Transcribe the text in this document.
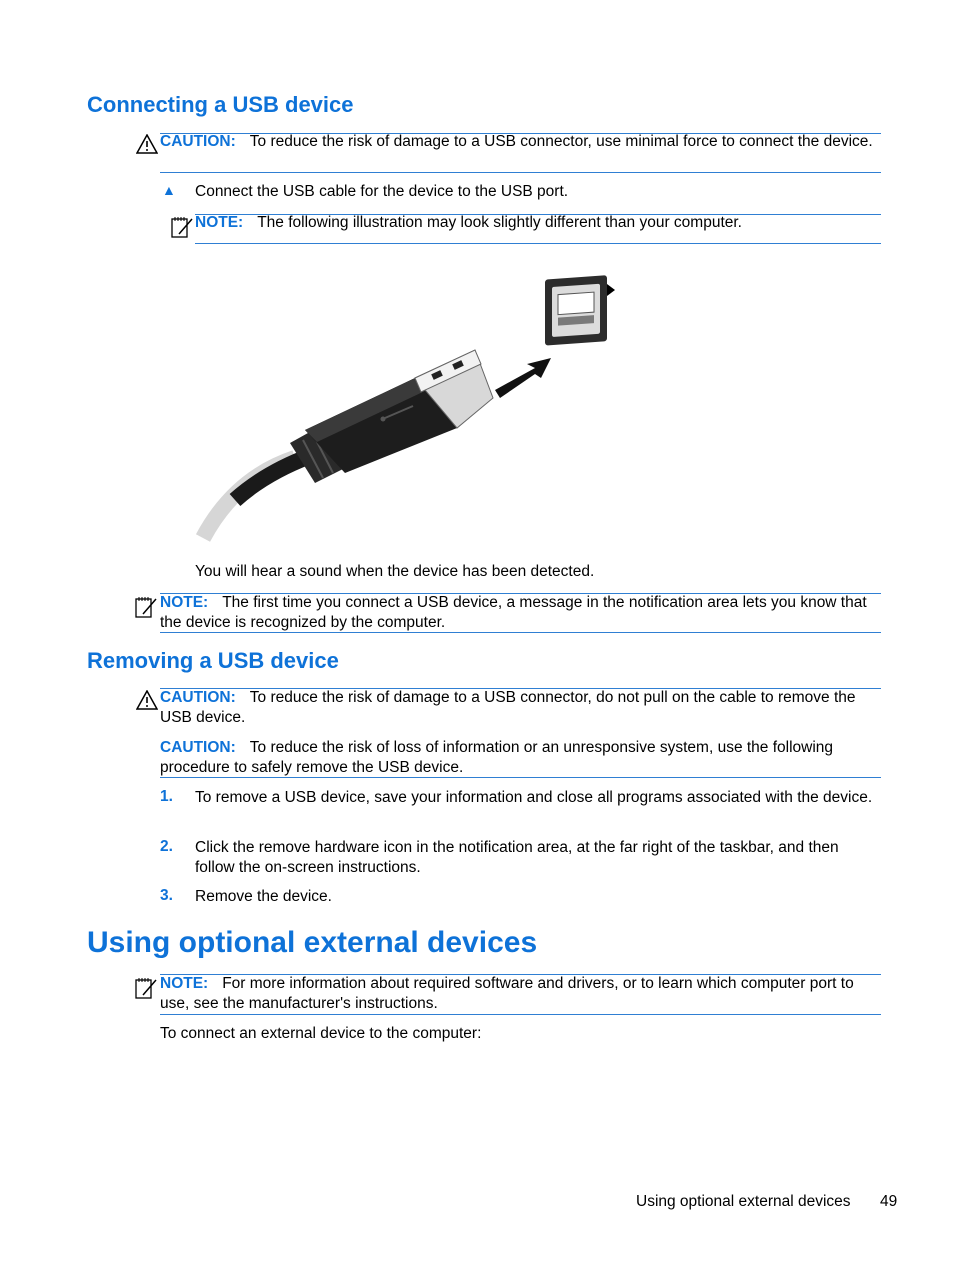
Connecting a USB device
CAUTION: To reduce the risk of damage to a USB connector, use minimal force to connect the device.
▲ Connect the USB cable for the device to the USB port.
NOTE: The following illustration may look slightly different than your computer.
You will hear a sound when the device has been detected.
NOTE: The first time you connect a USB device, a message in the notification area lets you know that the device is recognized by the computer.
Removing a USB device
CAUTION: To reduce the risk of damage to a USB connector, do not pull on the cable to remove the USB device.
CAUTION: To reduce the risk of loss of information or an unresponsive system, use the following procedure to safely remove the USB device.
1. To remove a USB device, save your information and close all programs associated with the device.
2. Click the remove hardware icon in the notification area, at the far right of the taskbar, and then follow the on-screen instructions.
3. Remove the device.
Using optional external devices
NOTE: For more information about required software and drivers, or to learn which computer port to use, see the manufacturer's instructions.
To connect an external device to the computer:
Using optional external devices 49
